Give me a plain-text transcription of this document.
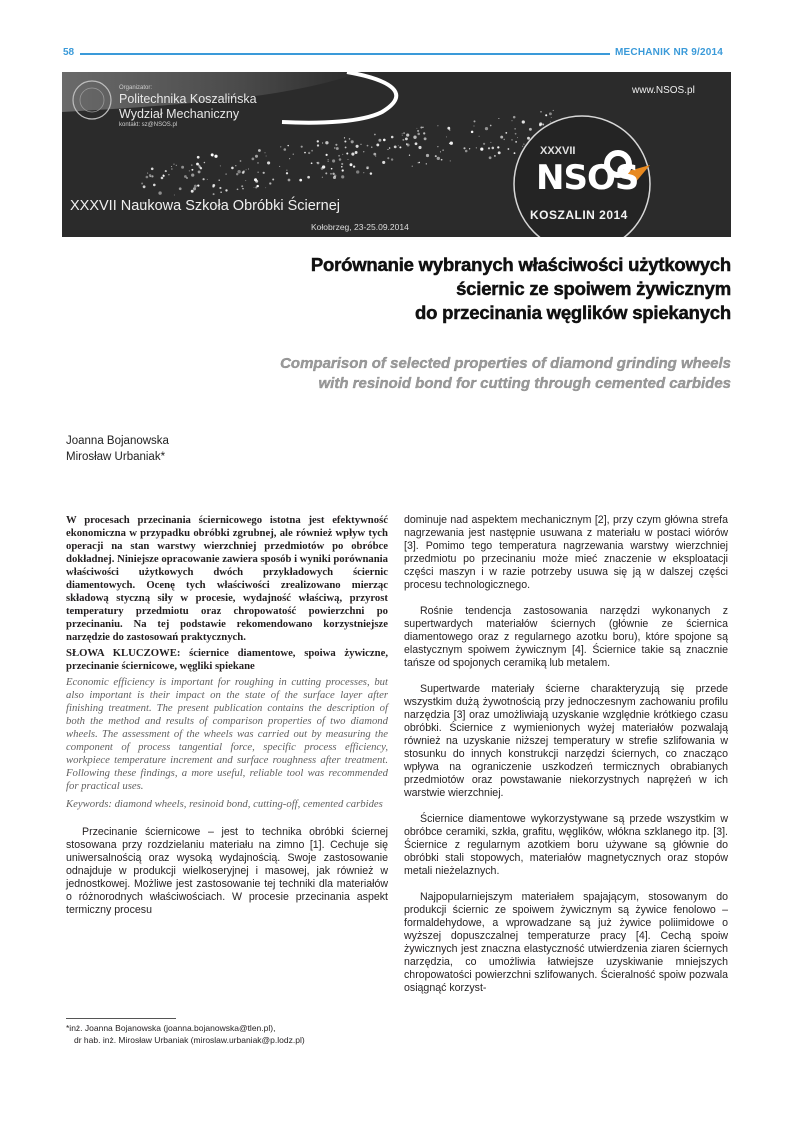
58	MECHANIK NR 9/2014
Organizator:
Politechnika Koszalińska
Wydział Mechaniczny
kontakt: sz@NSOS.pl
www.NSOS.pl
XXXVII Naukowa Szkoła Obróbki Ściernej
Kołobrzeg, 23-25.09.2014
XXXVII
NSOS
KOSZALIN 2014
Porównanie wybranych właściwości użytkowych
ściernic ze spoiwem żywicznym
do przecinania węglików spiekanych
Comparison of selected properties of diamond grinding wheels
with resinoid bond for cutting through cemented carbides
Joanna Bojanowska
Mirosław Urbaniak*

W procesach przecinania ściernicowego istotna jest efektywność ekonomiczna w przypadku obróbki zgrubnej, ale również wpływ tych operacji na stan warstwy wierzchniej przedmiotów po obróbce dokładnej. Niniejsze opracowanie zawiera sposób i wyniki porównania właściwości użytkowych dwóch przykładowych ściernic diamentowych. Ocenę tych właściwości zrealizowano mierząc składową styczną siły w procesie, wydajność właściwą, przyrost temperatury przedmiotu oraz chropowatość powierzchni po przecinaniu. Na tej podstawie rekomendowano korzystniejsze narzędzie do zastosowań praktycznych.

SŁOWA KLUCZOWE: ściernice diamentowe, spoiwa żywiczne, przecinanie ściernicowe, węgliki spiekane

Economic efficiency is important for roughing in cutting processes, but also important is their impact on the state of the surface layer after finishing treatment. The present publication contains the description of both the method and results of comparison properties of two diamond wheels. The assessment of the wheels was carried out by measuring the component of process tangential force, specific process efficiency, workpiece temperature increment and surface roughness after treatment. Following these findings, a more useful, reliable tool was recommended for practical uses.

Keywords: diamond wheels, resinoid bond, cutting-off, cemented carbides

Przecinanie ściernicowe – jest to technika obróbki ściernej stosowana przy rozdzielaniu materiału na zimno [1]. Cechuje się uniwersalnością oraz wysoką wydajnością. Swoje zastosowanie odnajduje w produkcji wielkoseryjnej i masowej, jak również w jednostkowej. Możliwe jest zastosowanie tej techniki dla materiałów o różnorodnych właściwościach. W procesie przecinania aspekt termiczny procesu

dominuje nad aspektem mechanicznym [2], przy czym główna strefa nagrzewania jest następnie usuwana z materiału w postaci wiórów [3]. Pomimo tego temperatura nagrzewania warstwy wierzchniej przedmiotu po przecinaniu może mieć znaczenie w eksploatacji części maszyn i w razie potrzeby usuwa się ją w dalszej części procesu technologicznego.

Rośnie tendencja zastosowania narzędzi wykonanych z supertwardych materiałów ściernych (głównie ze ściernica diamentowego oraz z regularnego azotku boru), które spojone są elastycznym spoiwem żywicznym [4]. Ściernice takie są znacznie tańsze od spojonych ceramiką lub metalem.

Supertwarde materiały ścierne charakteryzują się przede wszystkim dużą żywotnością przy jednoczesnym zachowaniu profilu narzędzia [3] oraz umożliwiają uzyskanie względnie krótkiego czasu obróbki. Ściernice z wymienionych wyżej materiałów pozwalają również na uzyskanie niższej temperatury w strefie szlifowania w stosunku do innych konstrukcji narzędzi ściernych, co znacząco wpływa na ograniczenie uszkodzeń termicznych obrabianych przedmiotów oraz powstawanie niekorzystnych naprężeń w ich warstwie wierzchniej.

Ściernice diamentowe wykorzystywane są przede wszystkim w obróbce ceramiki, szkła, grafitu, węglików, włókna szklanego itp. [3]. Ściernice z regularnym azotkiem boru używane są głównie do obróbki stali stopowych, materiałów magnetycznych oraz stopów metali nieżelaznych.

Najpopularniejszym materiałem spajającym, stosowanym do produkcji ściernic ze spoiwem żywicznym są żywice fenolowo – formaldehydowe, a wprowadzane są już żywice poliimidowe o wyższej dopuszczalnej temperaturze pracy [4]. Cechą spoiw żywicznych jest znaczna elastyczność utwierdzenia ziaren ściernych narzędzia, co umożliwia łatwiejsze uzyskiwanie mniejszych chropowatości powierzchni szlifowanych. Ścieralność spoiw pozwala osiągnąć korzyst-

*inż. Joanna Bojanowska (joanna.bojanowska@tlen.pl),
dr hab. inż. Mirosław Urbaniak (miroslaw.urbaniak@p.lodz.pl)
